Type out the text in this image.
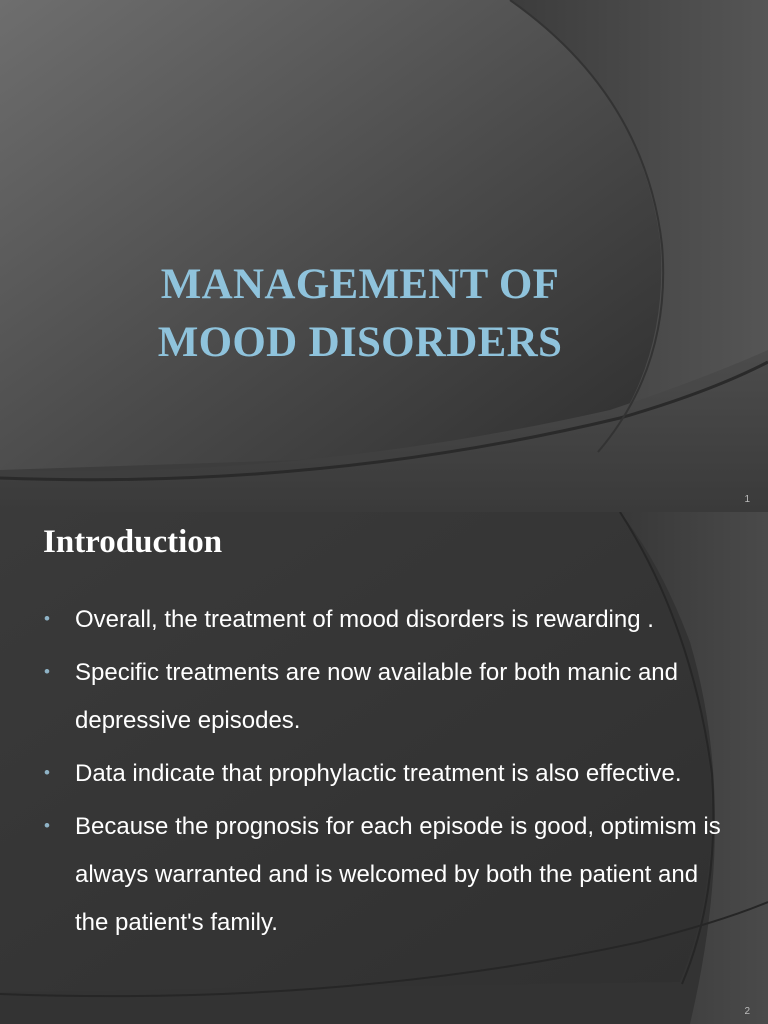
MANAGEMENT OF
MOOD DISORDERS
1
Introduction
• Overall, the treatment of mood disorders is rewarding .
• Specific treatments are now available for both manic and depressive episodes.
• Data indicate that prophylactic treatment is also effective.
• Because the prognosis for each episode is good, optimism is always warranted and is welcomed by both the patient and the patient's family.
2
